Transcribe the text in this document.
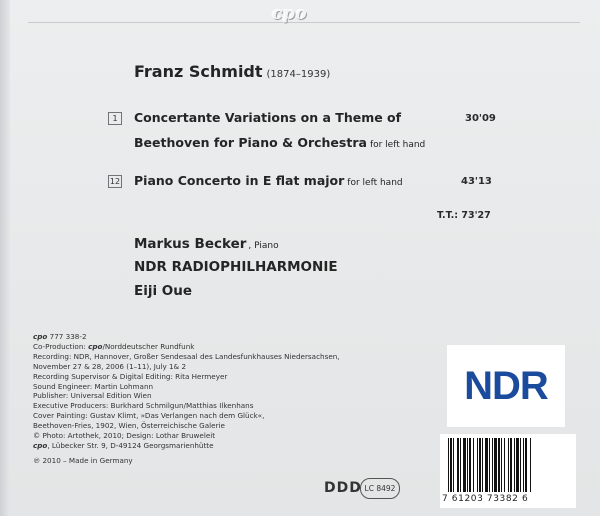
cpo
Franz Schmidt (1874–1939)
1	Concertante Variations on a Theme of	30'09
Beethoven for Piano & Orchestra for left hand
12 Piano Concerto in E flat major for left hand	43'13
T.T.: 73'27
Markus Becker , Piano
NDR RADIOPHILHARMONIE
Eiji Oue
cpo 777 338-2
Co-Production: cpo/Norddeutscher Rundfunk
Recording: NDR, Hannover, Großer Sendesaal des Landesfunkhauses Niedersachsen,
November 27 & 28, 2006 (1–11), July 1& 2
Recording Supervisor & Digital Editing: Rita Hermeyer
Sound Engineer: Martin Lohmann
Publisher: Universal Edition Wien
Executive Producers: Burkhard Schmilgun/Matthias Ilkenhans
Cover Painting: Gustav Klimt, »Das Verlangen nach dem Glück«,
Beethoven-Fries, 1902, Wien, Österreichische Galerie
© Photo: Artothek, 2010; Design: Lothar Bruweleit
cpo, Lübecker Str. 9, D-49124 Georgsmarienhütte
℗ 2010 – Made in Germany
DDD LC 8492
NDR
7 61203 73382 6
